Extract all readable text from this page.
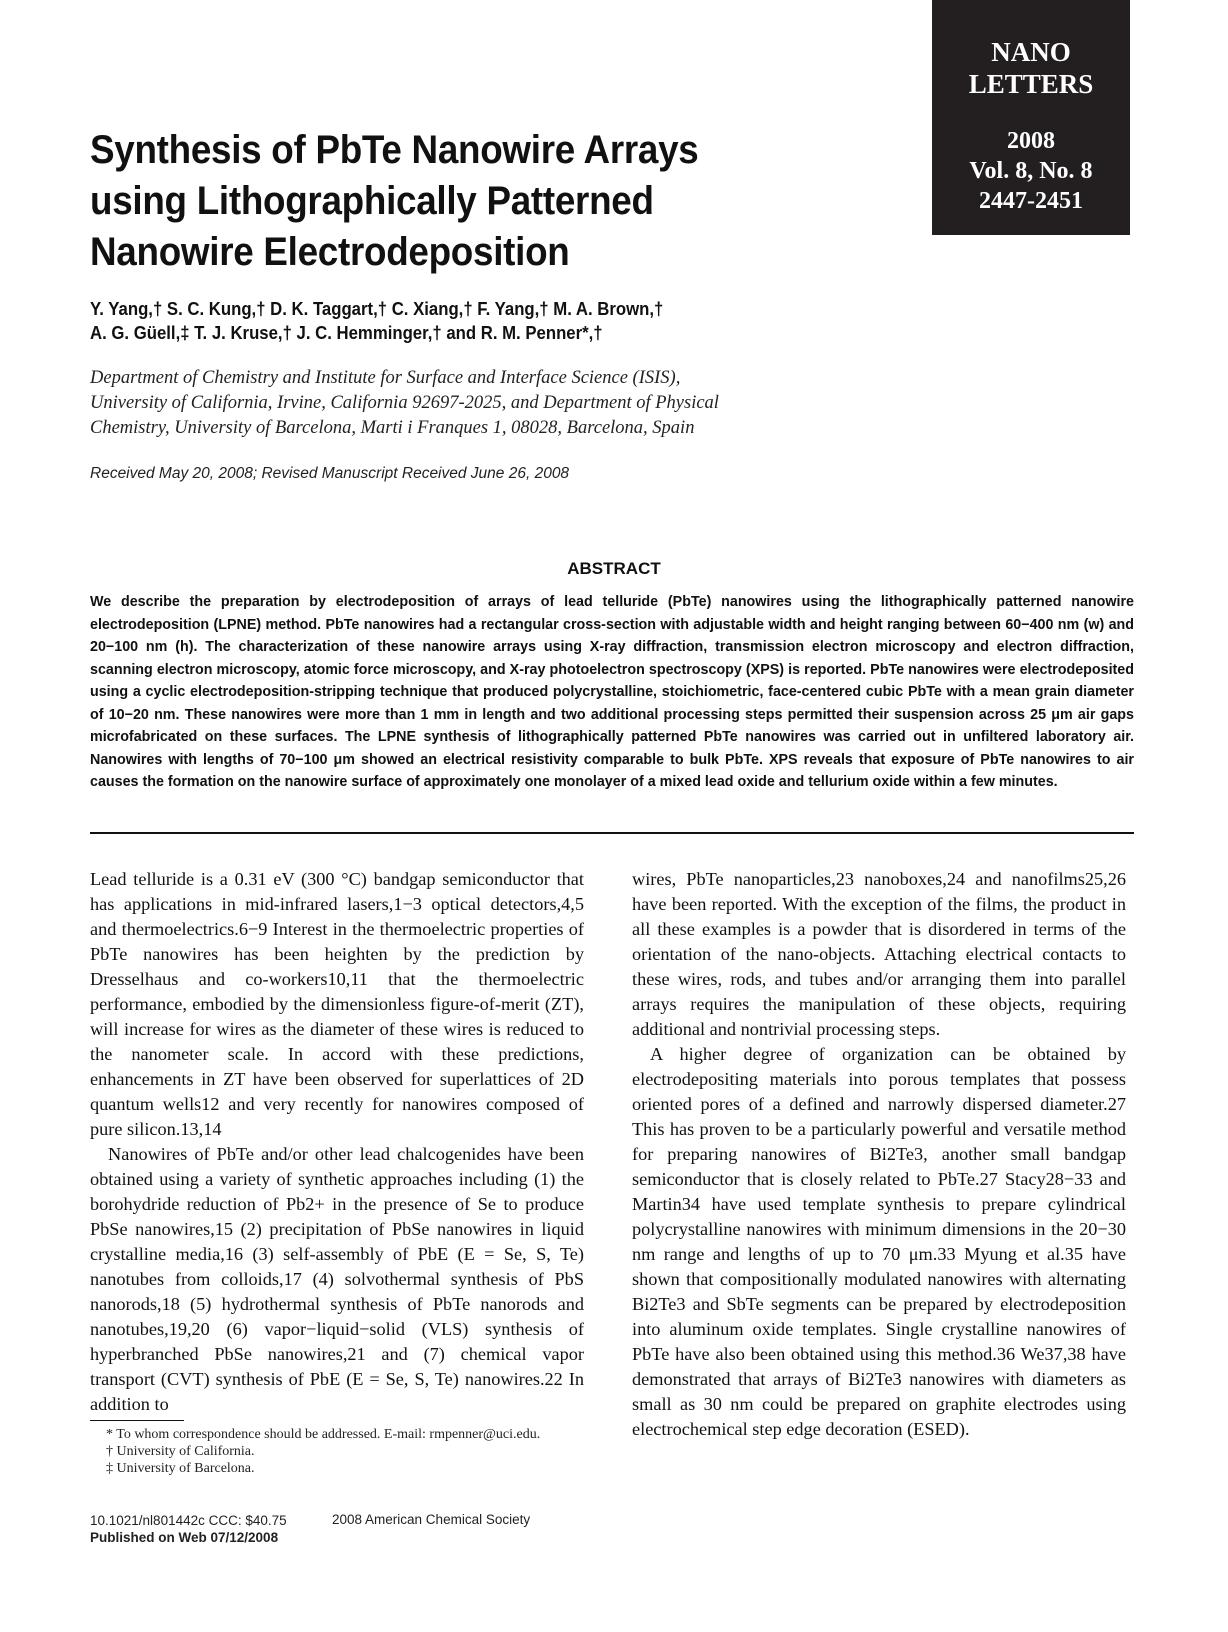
NANO
LETTERS
2008
Vol. 8, No. 8
2447-2451
Synthesis of PbTe Nanowire Arrays
using Lithographically Patterned
Nanowire Electrodeposition
Y. Yang,† S. C. Kung,† D. K. Taggart,† C. Xiang,† F. Yang,† M. A. Brown,†
A. G. Güell,‡ T. J. Kruse,† J. C. Hemminger,† and R. M. Penner*,†
Department of Chemistry and Institute for Surface and Interface Science (ISIS),
University of California, Irvine, California 92697-2025, and Department of Physical
Chemistry, University of Barcelona, Marti i Franques 1, 08028, Barcelona, Spain
Received May 20, 2008; Revised Manuscript Received June 26, 2008
ABSTRACT
We describe the preparation by electrodeposition of arrays of lead telluride (PbTe) nanowires using the lithographically patterned nanowire electrodeposition (LPNE) method. PbTe nanowires had a rectangular cross-section with adjustable width and height ranging between 60−400 nm (w) and 20−100 nm (h). The characterization of these nanowire arrays using X-ray diffraction, transmission electron microscopy and electron diffraction, scanning electron microscopy, atomic force microscopy, and X-ray photoelectron spectroscopy (XPS) is reported. PbTe nanowires were electrodeposited using a cyclic electrodeposition-stripping technique that produced polycrystalline, stoichiometric, face-centered cubic PbTe with a mean grain diameter of 10−20 nm. These nanowires were more than 1 mm in length and two additional processing steps permitted their suspension across 25 μm air gaps microfabricated on these surfaces. The LPNE synthesis of lithographically patterned PbTe nanowires was carried out in unfiltered laboratory air. Nanowires with lengths of 70−100 μm showed an electrical resistivity comparable to bulk PbTe. XPS reveals that exposure of PbTe nanowires to air causes the formation on the nanowire surface of approximately one monolayer of a mixed lead oxide and tellurium oxide within a few minutes.

Lead telluride is a 0.31 eV (300 °C) bandgap semiconductor that has applications in mid-infrared lasers,1−3 optical detectors,4,5 and thermoelectrics.6−9 Interest in the thermoelectric properties of PbTe nanowires has been heighten by the prediction by Dresselhaus and co-workers10,11 that the thermoelectric performance, embodied by the dimensionless figure-of-merit (ZT), will increase for wires as the diameter of these wires is reduced to the nanometer scale. In accord with these predictions, enhancements in ZT have been observed for superlattices of 2D quantum wells12 and very recently for nanowires composed of pure silicon.13,14

Nanowires of PbTe and/or other lead chalcogenides have been obtained using a variety of synthetic approaches including (1) the borohydride reduction of Pb2+ in the presence of Se to produce PbSe nanowires,15 (2) precipitation of PbSe nanowires in liquid crystalline media,16 (3) self-assembly of PbE (E = Se, S, Te) nanotubes from colloids,17 (4) solvothermal synthesis of PbS nanorods,18 (5) hydrothermal synthesis of PbTe nanorods and nanotubes,19,20 (6) vapor−liquid−solid (VLS) synthesis of hyperbranched PbSe nanowires,21 and (7) chemical vapor transport (CVT) synthesis of PbE (E = Se, S, Te) nanowires.22 In addition to

wires, PbTe nanoparticles,23 nanoboxes,24 and nanofilms25,26 have been reported. With the exception of the films, the product in all these examples is a powder that is disordered in terms of the orientation of the nano-objects. Attaching electrical contacts to these wires, rods, and tubes and/or arranging them into parallel arrays requires the manipulation of these objects, requiring additional and nontrivial processing steps.

A higher degree of organization can be obtained by electrodepositing materials into porous templates that possess oriented pores of a defined and narrowly dispersed diameter.27 This has proven to be a particularly powerful and versatile method for preparing nanowires of Bi2Te3, another small bandgap semiconductor that is closely related to PbTe.27 Stacy28−33 and Martin34 have used template synthesis to prepare cylindrical polycrystalline nanowires with minimum dimensions in the 20−30 nm range and lengths of up to 70 μm.33 Myung et al.35 have shown that compositionally modulated nanowires with alternating Bi2Te3 and SbTe segments can be prepared by electrodeposition into aluminum oxide templates. Single crystalline nanowires of PbTe have also been obtained using this method.36 We37,38 have demonstrated that arrays of Bi2Te3 nanowires with diameters as small as 30 nm could be prepared on graphite electrodes using electrochemical step edge decoration (ESED).

* To whom correspondence should be addressed. E-mail: rmpenner@uci.edu.
† University of California.
‡ University of Barcelona.
10.1021/nl801442c CCC: $40.75
Published on Web 07/12/2008
2008 American Chemical Society
